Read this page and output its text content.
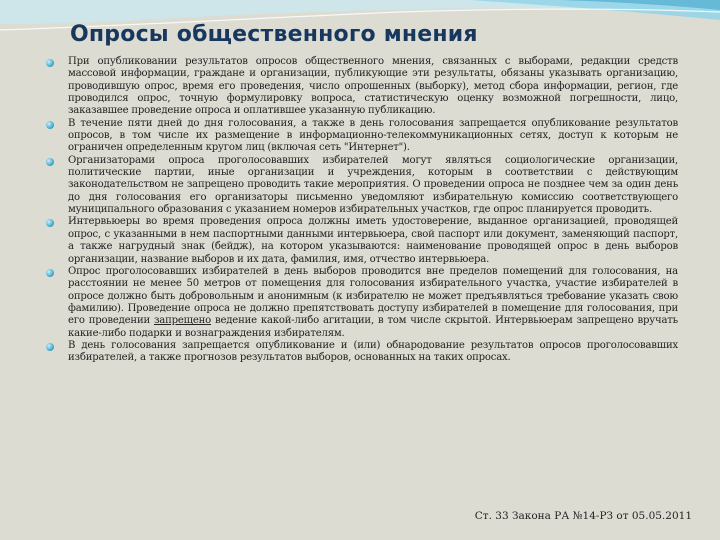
Опросы общественного мнения
При опубликовании результатов опросов общественного мнения, связанных с выборами, редакции средств массовой информации, граждане и организации, публикующие эти результаты, обязаны указывать организацию, проводившую опрос, время его проведения, число опрошенных (выборку), метод сбора информации, регион, где проводился опрос, точную формулировку вопроса, статистическую оценку возможной погрешности, лицо, заказавшее проведение опроса и оплатившее указанную публикацию.
В течение пяти дней до дня голосования, а также в день голосования запрещается опубликование результатов опросов, в том числе их размещение в информационно-телекоммуникационных сетях, доступ к которым не ограничен определенным кругом лиц (включая сеть "Интернет").
Организаторами опроса проголосовавших избирателей могут являться социологические организации, политические партии, иные организации и учреждения, которым в соответствии с действующим законодательством не запрещено проводить такие мероприятия. О проведении опроса не позднее чем за один день до дня голосования его организаторы письменно уведомляют избирательную комиссию соответствующего муниципального образования с указанием номеров избирательных участков, где опрос планируется проводить.
Интервьюеры во время проведения опроса должны иметь удостоверение, выданное организацией, проводящей опрос, с указанными в нем паспортными данными интервьюера, свой паспорт или документ, заменяющий паспорт, а также нагрудный знак (бейдж), на котором указываются: наименование проводящей опрос в день выборов организации, название выборов и их дата, фамилия, имя, отчество интервьюера.
Опрос проголосовавших избирателей в день выборов проводится вне пределов помещений для голосования, на расстоянии не менее 50 метров от помещения для голосования избирательного участка, участие избирателей в опросе должно быть добровольным и анонимным (к избирателю не может предъявляться требование указать свою фамилию). Проведение опроса не должно препятствовать доступу избирателей в помещение для голосования, при его проведении запрещено ведение какой-либо агитации, в том числе скрытой. Интервьюерам запрещено вручать какие-либо подарки и вознаграждения избирателям.
В день голосования запрещается опубликование и (или) обнародование результатов опросов проголосовавших избирателей, а также прогнозов результатов выборов, основанных на таких опросах.
Ст. 33 Закона РА №14-РЗ от 05.05.2011
